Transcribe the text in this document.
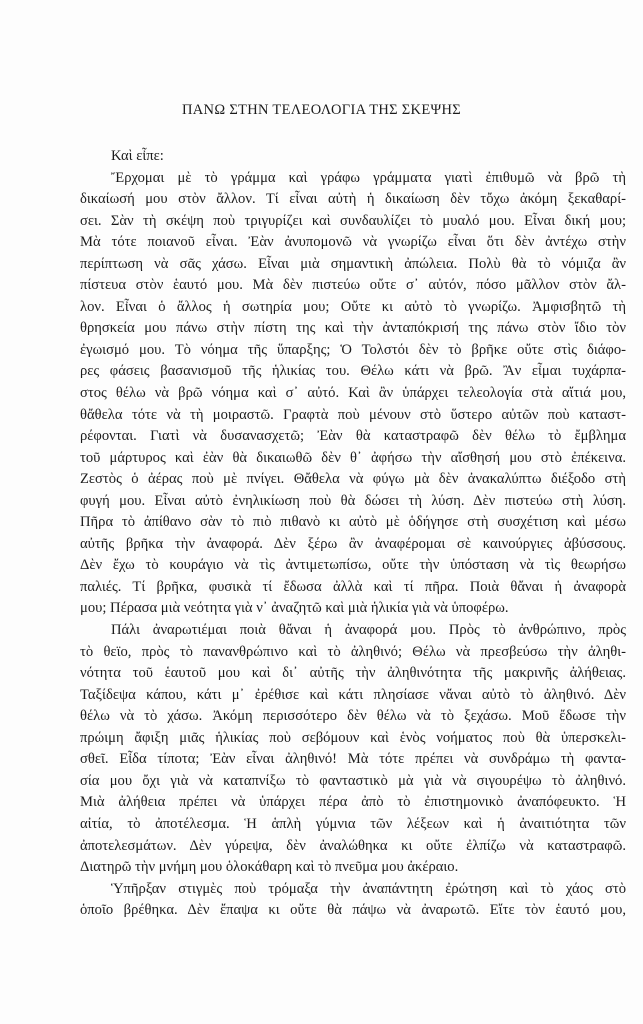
ΠΑΝΩ ΣΤΗΝ ΤΕΛΕΟΛΟΓΙΑ ΤΗΣ ΣΚΕΨΗΣ
Καὶ εἶπε:
Ἔρχομαι μὲ τὸ γράμμα καὶ γράφω γράμματα γιατὶ ἐπιθυμῶ νὰ βρῶ τὴ
δικαίωσή μου στὸν ἄλλον. Τί εἶναι αὐτὴ ἡ δικαίωση δὲν τὄχω ἀκόμη ξεκαθαρί-
σει. Σὰν τὴ σκέψη ποὺ τριγυρίζει καὶ συνδαυλίζει τὸ μυαλό μου. Εἶναι δική μου;
Μὰ τότε ποιανοῦ εἶναι. Ἐὰν ἀνυπομονῶ νὰ γνωρίζω εἶναι ὅτι δὲν ἀντέχω στὴν
περίπτωση νὰ σᾶς χάσω. Εἶναι μιὰ σημαντικὴ ἀπώλεια. Πολὺ θὰ τὸ νόμιζα ἂν
πίστευα στὸν ἑαυτό μου. Μὰ δὲν πιστεύω οὔτε σ᾽ αὐτόν, πόσο μᾶλλον στὸν ἄλ-
λον. Εἶναι ὁ ἄλλος ἡ σωτηρία μου; Οὔτε κι αὐτὸ τὸ γνωρίζω. Ἀμφισβητῶ τὴ
θρησκεία μου πάνω στὴν πίστη της καὶ τὴν ἀνταπόκρισή της πάνω στὸν ἴδιο τὸν
ἐγωισμό μου. Τὸ νόημα τῆς ὕπαρξης; Ὁ Τολστόι δὲν τὸ βρῆκε οὔτε στὶς διάφο-
ρες φάσεις βασανισμοῦ τῆς ἡλικίας του. Θέλω κάτι νὰ βρῶ. Ἂν εἶμαι τυχάρπα-
στος θέλω νὰ βρῶ νόημα καὶ σ᾽ αὐτό. Καὶ ἂν ὑπάρχει τελεολογία στὰ αἴτιά μου,
θἄθελα τότε νὰ τὴ μοιραστῶ. Γραφτὰ ποὺ μένουν στὸ ὕστερο αὐτῶν ποὺ καταστ-
ρέφονται. Γιατὶ νὰ δυσανασχετῶ; Ἐὰν θὰ καταστραφῶ δὲν θέλω τὸ ἔμβλημα
τοῦ μάρτυρος καὶ ἐὰν θὰ δικαιωθῶ δὲν θ᾽ ἀφήσω τὴν αἴσθησή μου στὸ ἐπέκεινα.
Ζεστὸς ὁ ἀέρας ποὺ μὲ πνίγει. Θἄθελα νὰ φύγω μὰ δὲν ἀνακαλύπτω διέξοδο στὴ
φυγή μου. Εἶναι αὐτὸ ἐνηλικίωση ποὺ θὰ δώσει τὴ λύση. Δὲν πιστεύω στὴ λύση.
Πῆρα τὸ ἀπίθανο σὰν τὸ πιὸ πιθανὸ κι αὐτὸ μὲ ὁδήγησε στὴ συσχέτιση καὶ μέσω
αὐτῆς βρῆκα τὴν ἀναφορά. Δὲν ξέρω ἂν ἀναφέρομαι σὲ καινούργιες ἀβύσσους.
Δὲν ἔχω τὸ κουράγιο νὰ τὶς ἀντιμετωπίσω, οὔτε τὴν ὑπόσταση νὰ τὶς θεωρήσω
παλιές. Τί βρῆκα, φυσικὰ τί ἔδωσα ἀλλὰ καὶ τί πῆρα. Ποιὰ θἄναι ἡ ἀναφορὰ
μου; Πέρασα μιὰ νεότητα γιὰ ν᾽ ἀναζητῶ καὶ μιὰ ἡλικία γιὰ νὰ ὑποφέρω.
Πάλι ἀναρωτιέμαι ποιὰ θἄναι ἡ ἀναφορά μου. Πρὸς τὸ ἀνθρώπινο, πρὸς
τὸ θεϊο, πρὸς τὸ πανανθρώπινο καὶ τὸ ἀληθινό; Θέλω νὰ πρεσβεύσω τὴν ἀληθι-
νότητα τοῦ ἑαυτοῦ μου καὶ δι᾽ αὐτῆς τὴν ἀληθινότητα τῆς μακρινῆς ἀλήθειας.
Ταξίδεψα κάπου, κάτι μ᾽ ἐρέθισε καὶ κάτι πλησίασε νἄναι αὐτὸ τὸ ἀληθινό. Δὲν
θέλω νὰ τὸ χάσω. Ἀκόμη περισσότερο δὲν θέλω νὰ τὸ ξεχάσω. Μοῦ ἔδωσε τὴν
πρώιμη ἄφιξη μιᾶς ἡλικίας ποὺ σεβόμουν καὶ ἑνὸς νοήματος ποὺ θὰ ὑπερσκελι-
σθεῖ. Εἶδα τίποτα; Ἐὰν εἶναι ἀληθινό! Μὰ τότε πρέπει νὰ συνδράμω τὴ φαντα-
σία μου ὄχι γιὰ νὰ καταπνίξω τὸ φανταστικὸ μὰ γιὰ νὰ σιγουρέψω τὸ ἀληθινό.
Μιὰ ἀλήθεια πρέπει νὰ ὑπάρχει πέρα ἀπὸ τὸ ἐπιστημονικὸ ἀναπόφευκτο. Ἡ
αἰτία, τὸ ἀποτέλεσμα. Ἡ ἁπλὴ γύμνια τῶν λέξεων καὶ ἡ ἀναιτιότητα τῶν
ἀποτελεσμάτων. Δὲν γύρεψα, δὲν ἀναλώθηκα κι οὔτε ἐλπίζω νὰ καταστραφῶ.
Διατηρῶ τὴν μνήμη μου ὁλοκάθαρη καὶ τὸ πνεῦμα μου ἀκέραιο.
Ὑπῆρξαν στιγμὲς ποὺ τρόμαξα τὴν ἀναπάντητη ἐρώτηση καὶ τὸ χάος στὸ
ὁποῖο βρέθηκα. Δὲν ἔπαψα κι οὔτε θὰ πάψω νὰ ἀναρωτῶ. Εἴτε τὸν ἑαυτό μου,
